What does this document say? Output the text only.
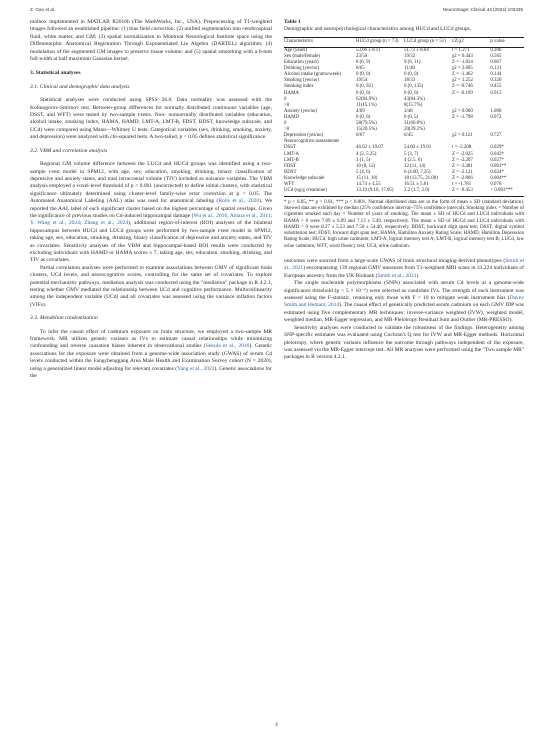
Z. Gao et al.	NeuroImage: Clinical 44 (2024) 103435

toolbox implemented in MATLAB R2016b (The MathWorks, Inc., USA). Preprocessing of T1-weighted images followed an established pipeline: (1) bias field correction; (2) unified segmentation into cerebrospinal fluid, white matter, and GM; (3) spatial normalization to Montreal Neurological Institute space using the Diffeomorphic Anatomical Registration Through Exponentiated Lie Algebra (DARTEL) algorithm; (4) modulation of the segmented GM images to preserve tissue volume; and (5) spatial smoothing with a 6-mm full-width at half maximum Gaussian kernel.

3. Statistical analyses
3.1. Clinical and demographic data analysis

Statistical analyses were conducted using SPSS 26.0. Data normality was assessed with the Kolmogorov-Smirnov test. Between-group differences for normally distributed continuous variables (age, DSST, and WFT) were tested by two-sample t-tests. Non- nonnormally distributed variables (education, alcohol intake, smoking index, HAMA, HAMD, LMT-A, LMT-B, FDST, BDST, knowledge subscale, and UCd) were compared using Mann—Whitney U tests. Categorical variables (sex, drinking, smoking, anxiety, and depression) were analyzed with chi-squared tests. A two-tailed, p < 0.05 defines statistical significance.

3.2. VBM and correlation analysis

Regional GM volume difference between the LUCd and HUCd groups was identified using a two-sample t-test model in SPM12, with age, sex, education, smoking, drinking, binary classification of depressive and anxiety states, and total intracranial volume (TIV) included as nuisance variables. The VBM analysis employed a voxel-level threshold of p < 0.001 (uncorrected) to define initial clusters, with statistical significance ultimately determined using cluster-level family-wise error correction at p < 0.05. The Automated Anatomical Labeling (AAL) atlas was used for anatomical labeling (Rolls et al., 2020). We reported the AAL label of each significant cluster based on the highest percentage of spatial overlaps. Given the significance of previous studies on Cd-induced hippocampal damage (Wu et al., 2016; Amara et al., 2011; Y. Wang et al., 2024; Zhang et al., 2024), additional region-of-interest (ROI) analyses of the bilateral hippocampus between HUCd and LUCd groups were performed by two-sample t-test model in SPM12, taking age, sex, education, smoking, drinking, binary classification of depressive and anxiety states, and TIV as covariates. Sensitivity analyses of the VBM and hippocampal-based ROI results were conducted by excluding individuals with HAMD or HAMA scores ≥ 7, taking age, sex, education, smoking, drinking, and TIV as covariates.

Partial correlation analyses were performed to examine associations between GMV of significant brain clusters, UCd levels, and neurocognitive scores, controlling for the same set of covariates. To explore potential mechanistic pathways, mediation analysis was conducted using the "mediation" package in R 4.2.1, testing whether GMV mediated the relationship between UCd and cognitive performance. Multicollinearity among the independent variable (UCd) and all covariates was assessed using the variance inflation factors (VIFs).

3.3. Mendelian randomization

To infer the causal effect of cadmium exposure on brain structure, we employed a two-sample MR framework. MR utilizes genetic variants as IVs to estimate causal relationships while minimizing confounding and reverse causation biases inherent in observational studies (Sekula et al., 2016). Genetic associations for the exposure were obtained from a genome-wide association study (GWAS) of serum Cd levels conducted within the Fangchenggang Area Male Health and Examination Survey cohort (N = 2020), using a generalized linear model adjusting for relevant covariates (Yang et al., 2022). Genetic associations for the

Table 1
Demographic and neuropsychological characteristics among HUCd and LUCd groups.
Characteristics	HUCd group (n = 73)	LUCd group (n = 51)	t/Z/χ2	p value
Age (years)	53.66 ± 8.11	51.73 ± 8.64	t = 1.271	0.206
Sex (male/female)	23/50	19/32	χ2 = 0.443	0.565
Education (years)	8 (6, 9)	9 (6, 11)	Z = -1.834	0.067
Drinking (yes/no)	8/65	11/40	χ2 = 2.605	0.131
Alcohol intake (grams/week)	0 (0, 0)	0 (0, 0)	Z = -1.462	0.144
Smoking (yes/no)	19/54	18/33	χ2 = 1.252	0.320
Smoking index	0 (0, 92)	0 (0, 135)	Z = -0.746	0.455
HAMA	0 (0, 0)	0 (0, 0)	Z = -0.109	0.913
0	62(84.9%)	43(84.3%)		
>0	11(15.1%)	8(15.7%)		
Anxiety (yes/no)	4/69	3/48	χ2 = 0.000	1.000
HAMD	0 (0, 0)	0 (0, 5)	Z = -1.798	0.072
0	58(79.5%)	31(60.8%)		
>0	15(20.5%)	20(39.2%)		
Depression (yes/no)	6/67	6/45	χ2 = 0.121	0.727
Neurocognitive assessments				
DSST	46.63 ± 19.07	54.60 ± 19.01	t = -2.208	0.029*
LMT-A	4 (2, 5.25)	5 (3, 7)	Z = -2.025	0.043*
LMT-B	3 (1, 5)	4 (2.5, 6)	Z = -2.207	0.027*
FDST	10 (8, 12)	12 (11, 14)	Z = -3.381	0.001**
BDST	5 (4, 6)	6 (4.00, 7.25)	Z = -2.121	0.034*
Knowledge subscale	15 (11, 18)	18 (13.75, 21.00)	Z = -2.866	0.004**
WFT	14.74 ± 4.55	16.51 ± 5.61	t = -1.781	0.078
UCd (ug/g creatinine)	13.19 (9.10, 17.05)	2.2 (1.7, 3.0)	Z = -9.453	< 0.001***
* p < 0.05, ** p < 0.01, *** p < 0.001. Normal distributed data are in the form of mean ± SD (standard deviation). Skewed data are exhibited by median (25% confidence interval~75% confidence interval). Smoking index = Number of cigarettes smoked each day × Number of years of smoking. The mean ± SD of HUCd and LUCd individuals with HAMA > 0 were 7.09 ± 6.09 and 7.13 ± 5.49, respectively. The mean ± SD of HUCd and LUCd individuals with HAMD > 0 were 8.27 ± 5.23 and 7.50 ± 54.40, respectively. BDST, backward digit span test; DSST, digital symbol substitution test; FDST, forward digit span test; HAMA, Hamilton Anxiety Rating Scale; HAMD, Hamilton Depression Rating Scale; HUCd, high urine cadmium; LMT-A, logical memory test A; LMT-B, logical memory test B; LUCd, low urine cadmium; WFT, word fluency test; UCd, urine cadmium.

outcomes were sourced from a large-scale GWAS of brain structural imaging-derived phenotypes (Smith et al., 2021) encompassing 139 regional GMV measures from T1-weighted MRI scans in 33,224 individuals of European ancestry from the UK Biobank (Smith et al., 2021).

The single nucleotide polymorphisms (SNPs) associated with serum Cd levels at a genome-wide significance threshold (p < 5 × 10⁻⁶) were selected as candidate IVs. The strength of each instrument was assessed using the F-statistic, retaining only those with F > 10 to mitigate weak instrument bias (Davey Smith and Hemani, 2014). The causal effect of genetically predicted serum cadmium on each GMV IDP was estimated using five complementary MR techniques: inverse-variance weighted (IVW), weighted model, weighted median, MR-Egger regression, and MR-Pleiotropy Residual Sum and Outlier (MR-PRESSO).

Sensitivity analyses were conducted to validate the robustness of the findings. Heterogeneity among SNP-specific estimates was evaluated using Cochran's Q test for IVW and MR-Egger methods. Horizontal pleiotropy, where genetic variants influence the outcome through pathways independent of the exposure, was assessed via the MR-Egger intercept test. All MR analyses were performed using the "Two sample MR" packages in R version 4.2.1.

4
